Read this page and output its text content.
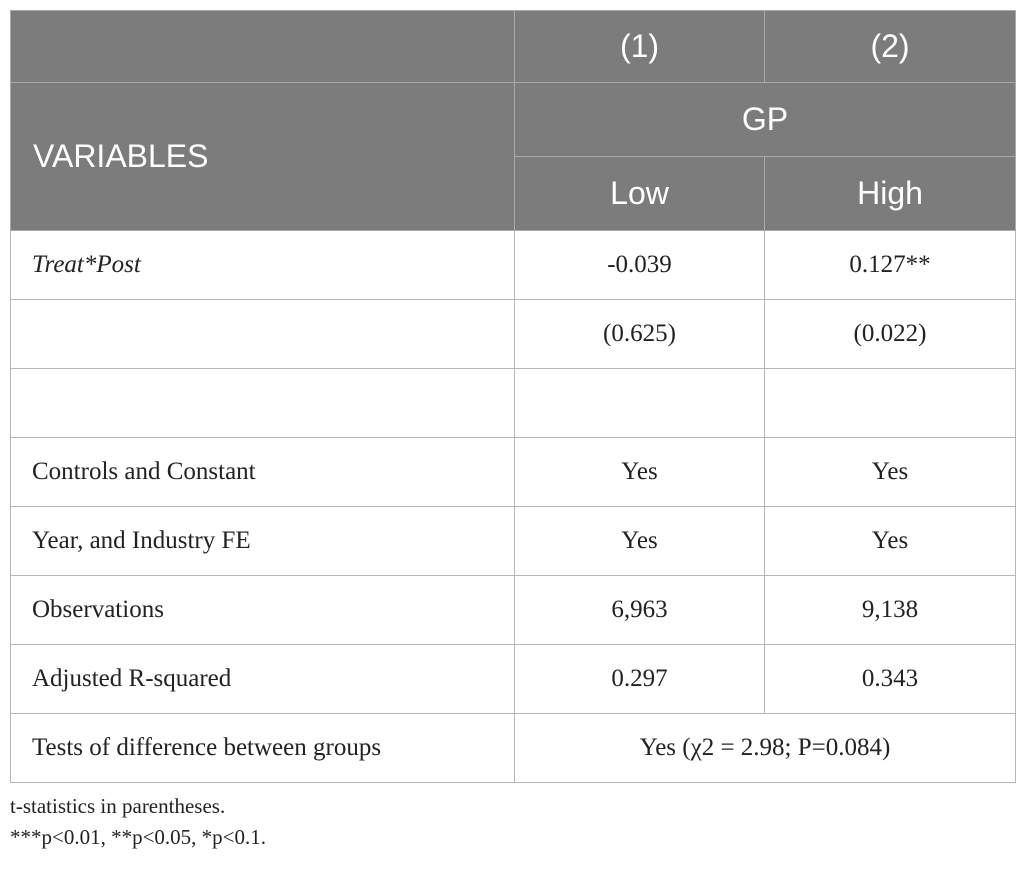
	(1)	(2)
VARIABLES	GP	
	Low	High
Treat*Post	-0.039	0.127**
	(0.625)	(0.022)

Controls and Constant	Yes	Yes
Year, and Industry FE	Yes	Yes
Observations	6,963	9,138
Adjusted R-squared	0.297	0.343
Tests of difference between groups	Yes (χ2 = 2.98; P=0.084)	
t-statistics in parentheses.
***p<0.01, **p<0.05, *p<0.1.
